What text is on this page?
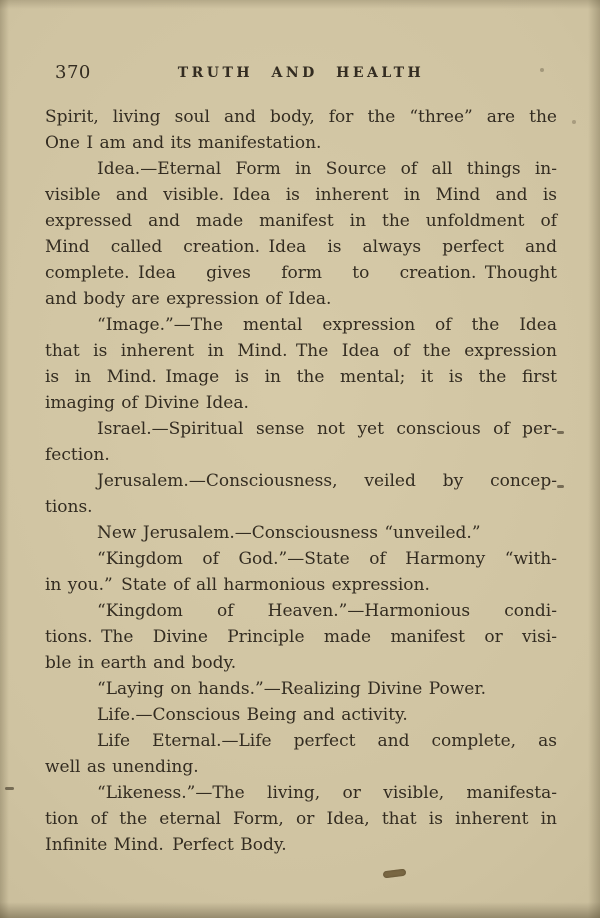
370	TRUTH AND HEALTH
Spirit, living soul and body, for the “three” are the
One I am and its manifestation.
Idea.—Eternal Form in Source of all things in-
visible and visible. Idea is inherent in Mind and is
expressed and made manifest in the unfoldment of
Mind called creation. Idea is always perfect and
complete. Idea gives form to creation. Thought
and body are expression of Idea.
“Image.”—The mental expression of the Idea
that is inherent in Mind. The Idea of the expression
is in Mind. Image is in the mental; it is the first
imaging of Divine Idea.
Israel.—Spiritual sense not yet conscious of per-
fection.
Jerusalem.—Consciousness, veiled by concep-
tions.
New Jerusalem.—Consciousness “unveiled.”
“Kingdom of God.”—State of Harmony “with-
in you.” State of all harmonious expression.
“Kingdom of Heaven.”—Harmonious condi-
tions. The Divine Principle made manifest or visi-
ble in earth and body.
“Laying on hands.”—Realizing Divine Power.
Life.—Conscious Being and activity.
Life Eternal.—Life perfect and complete, as
well as unending.
“Likeness.”—The living, or visible, manifesta-
tion of the eternal Form, or Idea, that is inherent in
Infinite Mind. Perfect Body.
